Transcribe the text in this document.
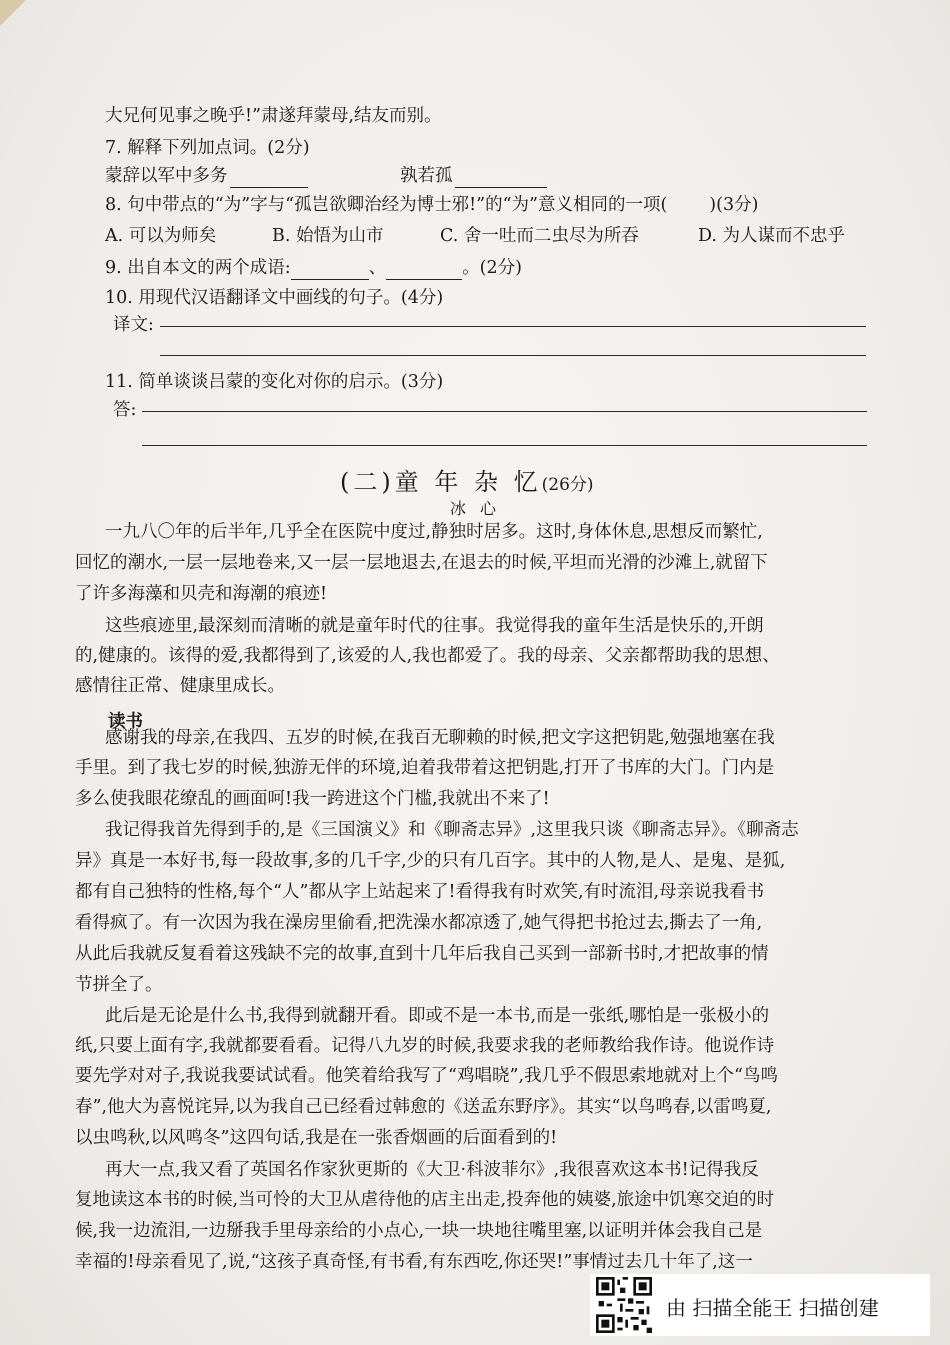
大兄何见事之晚乎!”肃遂拜蒙母,结友而别。
7. 解释下列加点词。(2分)
蒙辞以军中多务	孰若孤
8. 句中带点的“为”字与“孤岂欲卿治经为博士邪!”的“为”意义相同的一项( )(3分)
A. 可以为师矣	B. 始悟为山市	C. 舍一吐而二虫尽为所吞	D. 为人谋而不忠乎
9. 出自本文的两个成语:	、	。(2分)
10. 用现代汉语翻译文中画线的句子。(4分)
译文:
11. 简单谈谈吕蒙的变化对你的启示。(3分)
答:
(二)童 年 杂 忆(26分)
冰心
一九八〇年的后半年,几乎全在医院中度过,静独时居多。这时,身体休息,思想反而繁忙,
回忆的潮水,一层一层地卷来,又一层一层地退去,在退去的时候,平坦而光滑的沙滩上,就留下
了许多海藻和贝壳和海潮的痕迹!
这些痕迹里,最深刻而清晰的就是童年时代的往事。我觉得我的童年生活是快乐的,开朗
的,健康的。该得的爱,我都得到了,该爱的人,我也都爱了。我的母亲、父亲都帮助我的思想、
感情往正常、健康里成长。
感谢我的母亲,在我四、五岁的时候,在我百无聊赖的时候,把文字这把钥匙,勉强地塞在我
手里。到了我七岁的时候,独游无伴的环境,迫着我带着这把钥匙,打开了书库的大门。门内是
多么使我眼花缭乱的画面呵!我一跨进这个门槛,我就出不来了!
我记得我首先得到手的,是《三国演义》和《聊斋志异》,这里我只谈《聊斋志异》。《聊斋志
异》真是一本好书,每一段故事,多的几千字,少的只有几百字。其中的人物,是人、是鬼、是狐,
都有自己独特的性格,每个“人”都从字上站起来了!看得我有时欢笑,有时流泪,母亲说我看书
看得疯了。有一次因为我在澡房里偷看,把洗澡水都凉透了,她气得把书抢过去,撕去了一角,
从此后我就反复看着这残缺不完的故事,直到十几年后我自己买到一部新书时,才把故事的情
节拼全了。
此后是无论是什么书,我得到就翻开看。即或不是一本书,而是一张纸,哪怕是一张极小的
纸,只要上面有字,我就都要看看。记得八九岁的时候,我要求我的老师教给我作诗。他说作诗
要先学对对子,我说我要试试看。他笑着给我写了“鸡唱晓”,我几乎不假思索地就对上个“鸟鸣
春”,他大为喜悦诧异,以为我自己已经看过韩愈的《送孟东野序》。其实“以鸟鸣春,以雷鸣夏,
以虫鸣秋,以风鸣冬”这四句话,我是在一张香烟画的后面看到的!
再大一点,我又看了英国名作家狄更斯的《大卫·科波菲尔》,我很喜欢这本书!记得我反
复地读这本书的时候,当可怜的大卫从虐待他的店主出走,投奔他的姨婆,旅途中饥寒交迫的时
候,我一边流泪,一边掰我手里母亲给的小点心,一块一块地往嘴里塞,以证明并体会我自己是
幸福的!母亲看见了,说,“这孩子真奇怪,有书看,有东西吃,你还哭!”事情过去几十年了,这一
读书
由 扫描全能王 扫描创建
